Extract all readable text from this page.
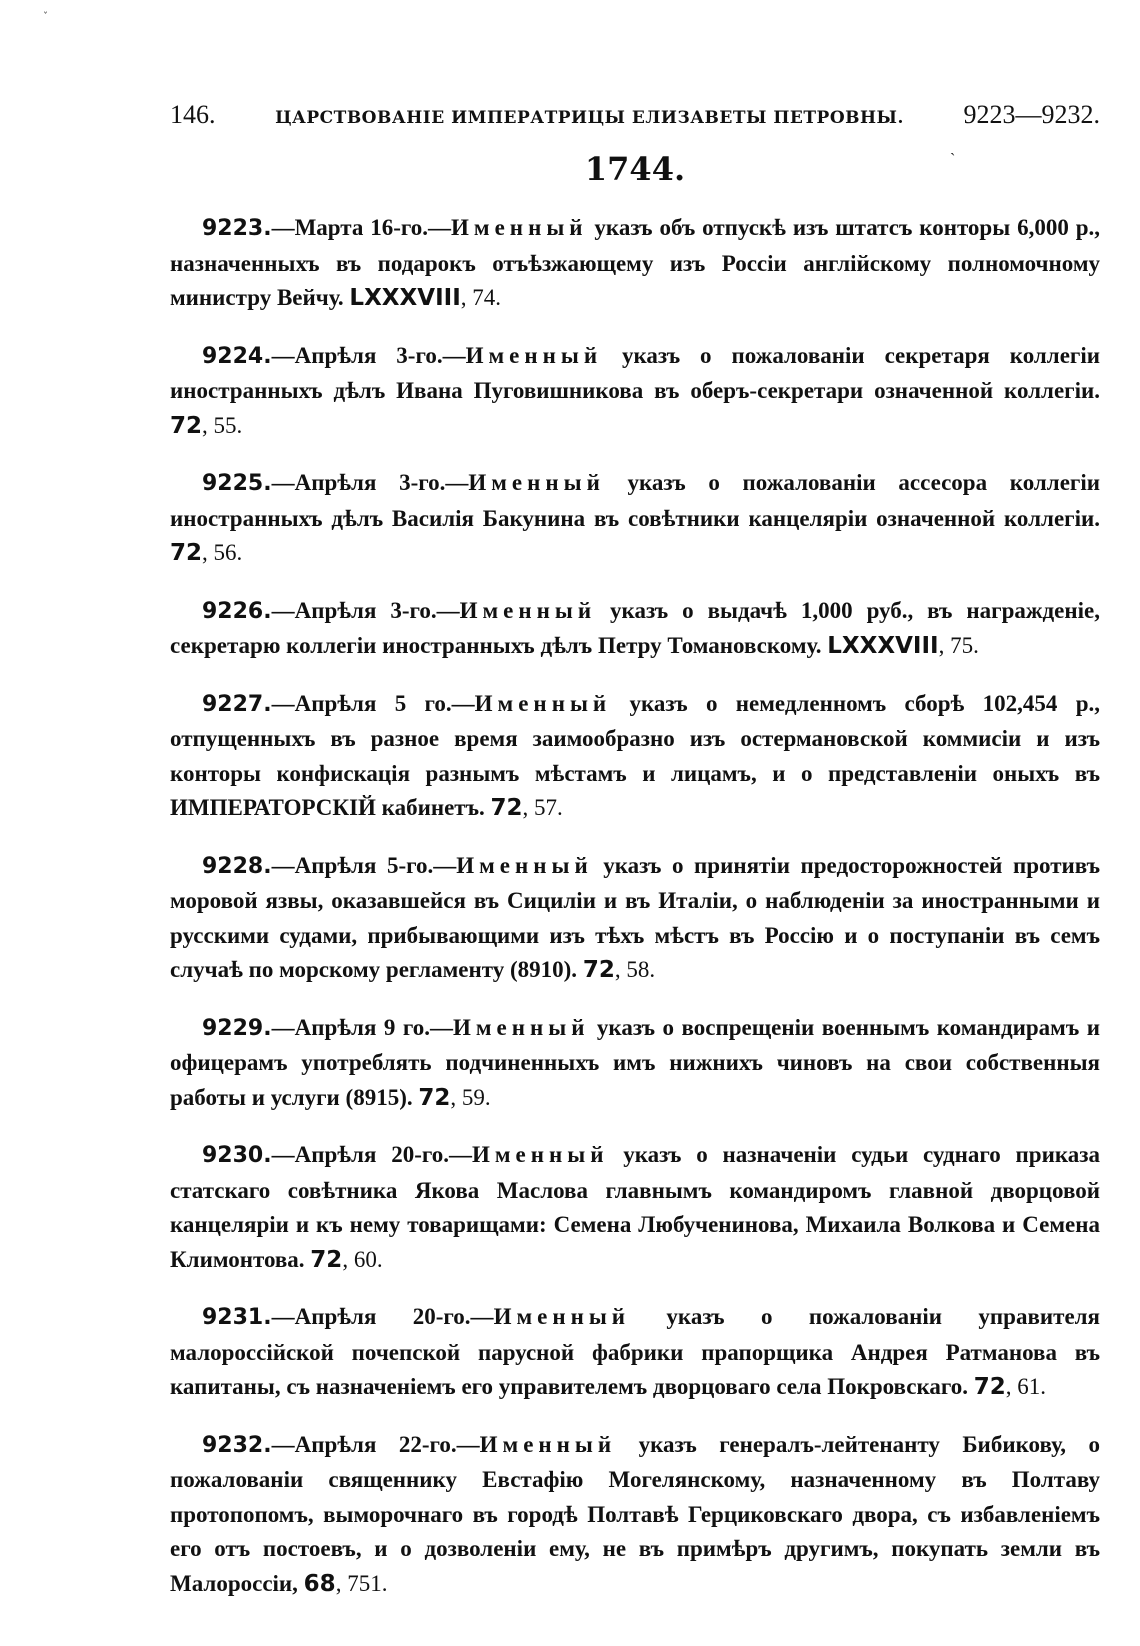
ˇ
ˏ
146.	ЦАРСТВОВАНІЕ ИМПЕРАТРИЦЫ ЕЛИЗАВЕТЫ ПЕТРОВНЫ. 9223—9232.
1744.

9223.—Марта 16-го.—Именный указъ объ отпускѣ изъ штатсъ конторы 6,000 р., назначенныхъ въ подарокъ отъѣзжающему изъ Россіи англійскому полномочному министру Вейчу. LXXXVIII, 74.

9224.—Апрѣля 3-го.—Именный указъ о пожалованіи секретаря коллегіи иностранныхъ дѣлъ Ивана Пуговишникова въ оберъ-секретари означенной коллегіи. 72, 55.

9225.—Апрѣля 3-го.—Именный указъ о пожалованіи ассесора коллегіи иностранныхъ дѣлъ Василія Бакунина въ совѣтники канцеляріи означенной коллегіи. 72, 56.

9226.—Апрѣля 3-го.—Именный указъ о выдачѣ 1,000 руб., въ награжденіе, секретарю коллегіи иностранныхъ дѣлъ Петру Томановскому. LXXXVIII, 75.

9227.—Апрѣля 5 го.—Именный указъ о немедленномъ сборѣ 102,454 р., отпущенныхъ въ разное время заимообразно изъ остермановской коммисіи и изъ конторы конфискація разнымъ мѣстамъ и лицамъ, и о представленіи оныхъ въ ИМПЕРАТОРСКІЙ кабинетъ. 72, 57.

9228.—Апрѣля 5-го.—Именный указъ о принятіи предосторожностей противъ моровой язвы, оказавшейся въ Сициліи и въ Италіи, о наблюденіи за иностранными и русскими судами, прибывающими изъ тѣхъ мѣстъ въ Россію и о поступаніи въ семъ случаѣ по морскому регламенту (8910). 72, 58.

9229.—Апрѣля 9 го.—Именный указъ о воспрещеніи военнымъ командирамъ и офицерамъ употреблять подчиненныхъ имъ нижнихъ чиновъ на свои собственныя работы и услуги (8915). 72, 59.

9230.—Апрѣля 20-го.—Именный указъ о назначеніи судьи суднаго приказа статскаго совѣтника Якова Маслова главнымъ командиромъ главной дворцовой канцеляріи и къ нему товарищами: Семена Любученинова, Михаила Волкова и Семена Климонтова. 72, 60.

9231.—Апрѣля 20-го.—Именный указъ о пожалованіи управителя малороссійской почепской парусной фабрики прапорщика Андрея Ратманова въ капитаны, съ назначеніемъ его управителемъ дворцоваго села Покровскаго. 72, 61.

9232.—Апрѣля 22-го.—Именный указъ генералъ-лейтенанту Бибикову, о пожалованіи священнику Евстафію Могелянскому, назначенному въ Полтаву протопопомъ, выморочнаго въ городѣ Полтавѣ Герциковскаго двора, съ избавленіемъ его отъ постоевъ, и о дозволеніи ему, не въ примѣръ другимъ, покупать земли въ Малороссіи, 68, 751.
